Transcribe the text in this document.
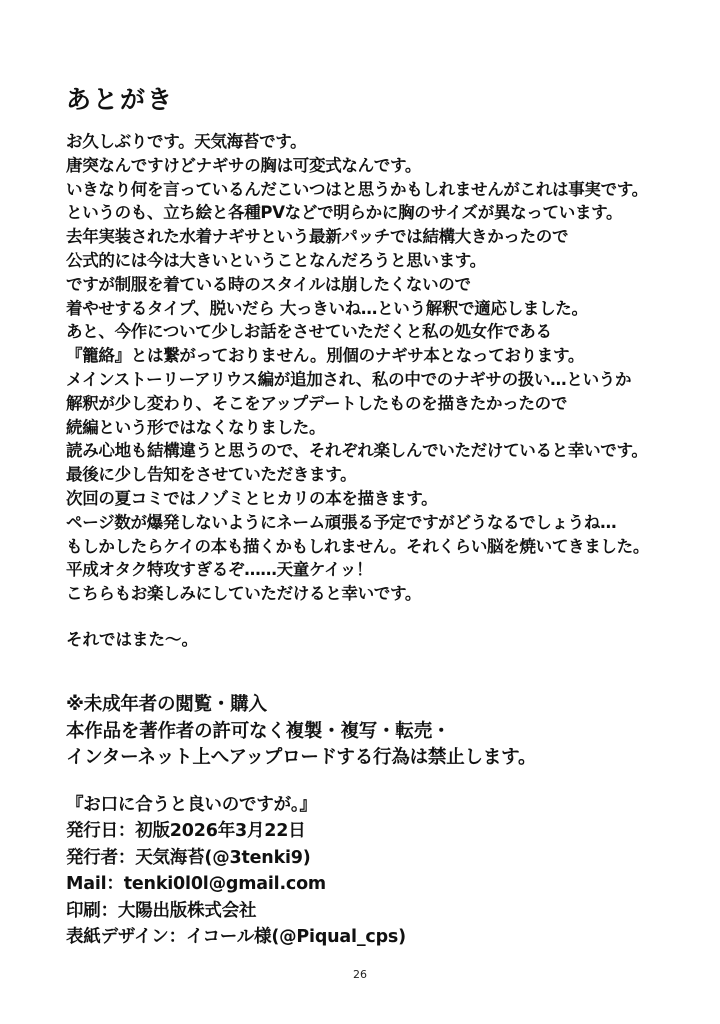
あとがき
お久しぶりです。天気海苔です。
唐突なんですけどナギサの胸は可変式なんです。
いきなり何を言っているんだこいつはと思うかもしれませんがこれは事実です。
というのも、立ち絵と各種PVなどで明らかに胸のサイズが異なっています。
去年実装された水着ナギサという最新パッチでは結構大きかったので
公式的には今は大きいということなんだろうと思います。
ですが制服を着ている時のスタイルは崩したくないので
着やせするタイプ、脱いだら 大っきいね…という解釈で適応しました。
あと、今作について少しお話をさせていただくと私の処女作である
『籠絡』とは繋がっておりません。別個のナギサ本となっております。
メインストーリーアリウス編が追加され、私の中でのナギサの扱い…というか
解釈が少し変わり、そこをアップデートしたものを描きたかったので
続編という形ではなくなりました。
読み心地も結構違うと思うので、それぞれ楽しんでいただけていると幸いです。
最後に少し告知をさせていただきます。
次回の夏コミではノゾミとヒカリの本を描きます。
ページ数が爆発しないようにネーム頑張る予定ですがどうなるでしょうね…
もしかしたらケイの本も描くかもしれません。それくらい脳を焼いてきました。
平成オタク特攻すぎるぞ……天童ケイッ！
こちらもお楽しみにしていただけると幸いです。
それではまた～。
※未成年者の閲覧・購入
本作品を著作者の許可なく複製・複写・転売・
インターネット上へアップロードする行為は禁止します。
『お口に合うと良いのですが。』
発行日：初版2026年3月22日
発行者：天気海苔(@3tenki9)
Mail：tenki0l0l@gmail.com
印刷：大陽出版株式会社
表紙デザイン：イコール様(@Piqual_cps)
26
